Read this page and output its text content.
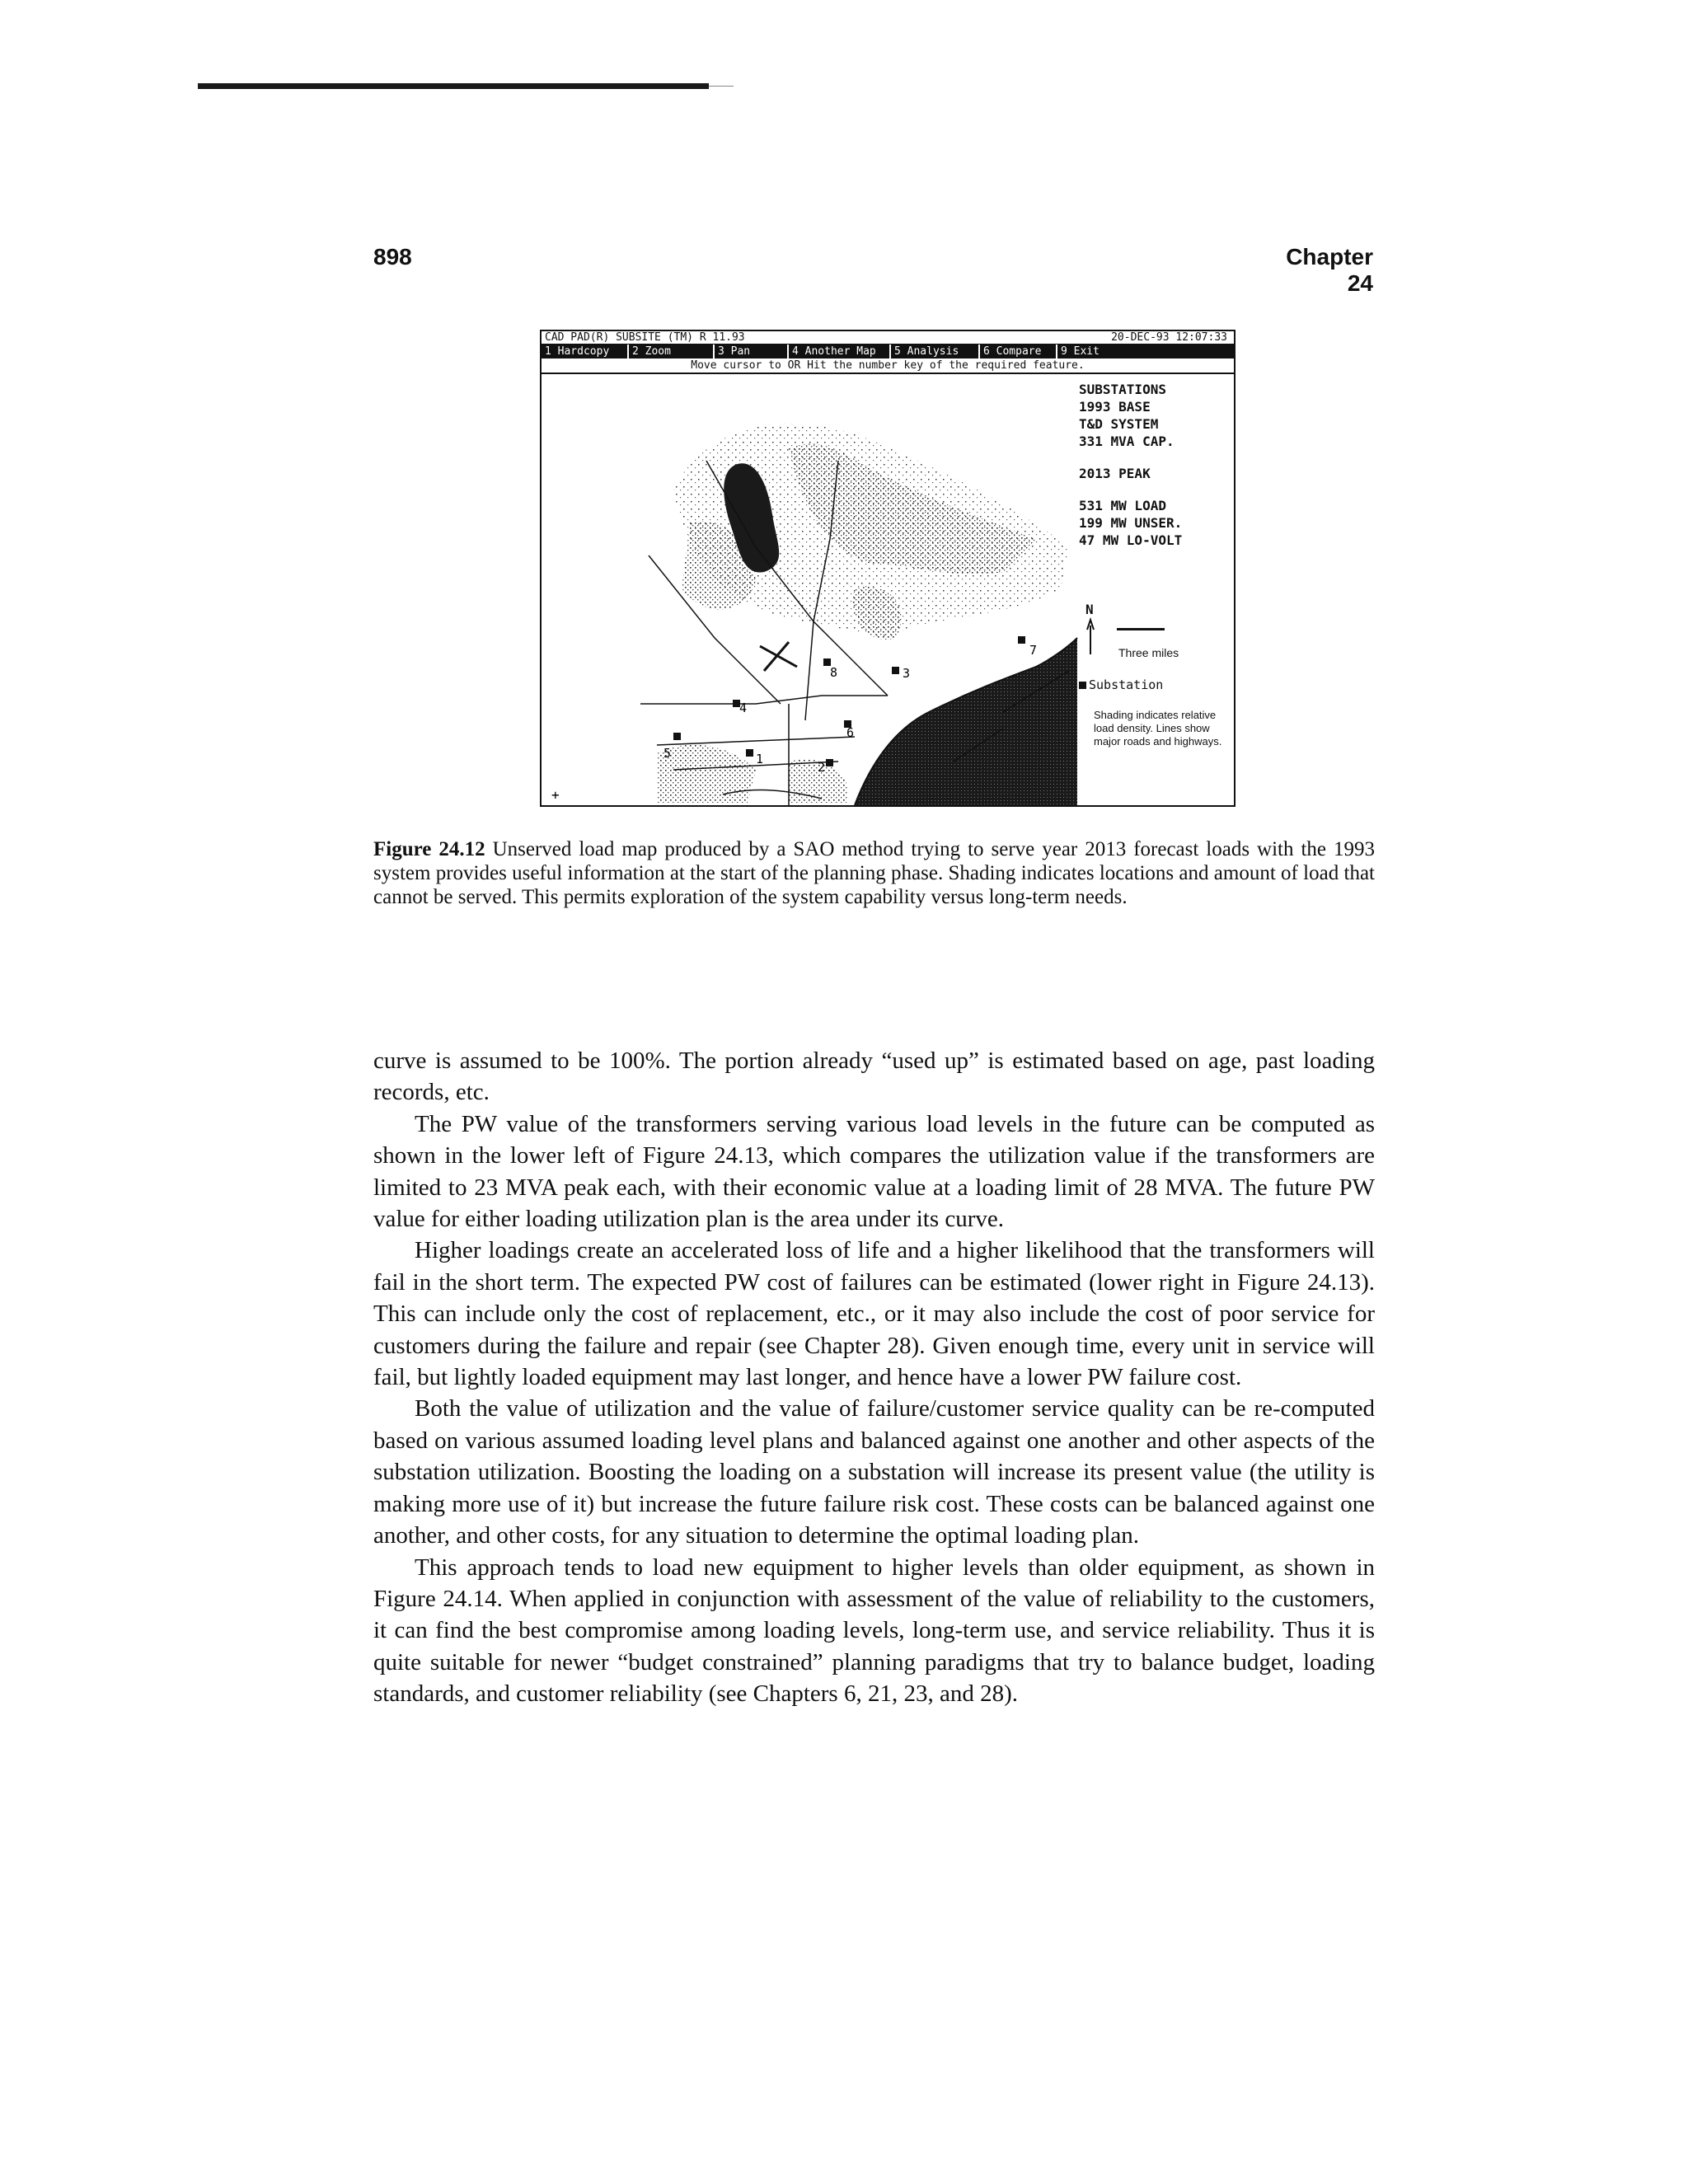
898	Chapter 24
CAD PAD(R) SUBSITE (TM) R 11.93	20-DEC-93 12:07:33
1 Hardcopy 2 Zoom	3 Pan	4 Another Map 5 Analysis 6 Compare 9 Exit
Move cursor to OR Hit the number key of the required feature.
1
2
3
4
5
6
7
8
+
SUBSTATIONS
1993 BASE
T&D SYSTEM
331 MVA CAP.
2013 PEAK
531 MW LOAD
199 MW UNSER.
47 MW LO-VOLT
N
Three miles
Substation
Shading indicates relative load density. Lines show major roads and highways.
Figure 24.12 Unserved load map produced by a SAO method trying to serve year 2013 forecast loads with the 1993 system provides useful information at the start of the planning phase. Shading indicates locations and amount of load that cannot be served. This permits exploration of the system capability versus long-term needs.

curve is assumed to be 100%. The portion already “used up” is estimated based on age, past loading records, etc.

The PW value of the transformers serving various load levels in the future can be computed as shown in the lower left of Figure 24.13, which compares the utilization value if the transformers are limited to 23 MVA peak each, with their economic value at a loading limit of 28 MVA. The future PW value for either loading utilization plan is the area under its curve.

Higher loadings create an accelerated loss of life and a higher likelihood that the transformers will fail in the short term. The expected PW cost of failures can be estimated (lower right in Figure 24.13). This can include only the cost of replacement, etc., or it may also include the cost of poor service for customers during the failure and repair (see Chapter 28). Given enough time, every unit in service will fail, but lightly loaded equipment may last longer, and hence have a lower PW failure cost.

Both the value of utilization and the value of failure/customer service quality can be re-computed based on various assumed loading level plans and balanced against one another and other aspects of the substation utilization. Boosting the loading on a substation will increase its present value (the utility is making more use of it) but increase the future failure risk cost. These costs can be balanced against one another, and other costs, for any situation to determine the optimal loading plan.

This approach tends to load new equipment to higher levels than older equipment, as shown in Figure 24.14. When applied in conjunction with assessment of the value of reliability to the customers, it can find the best compromise among loading levels, long-term use, and service reliability. Thus it is quite suitable for newer “budget constrained” planning paradigms that try to balance budget, loading standards, and customer reliability (see Chapters 6, 21, 23, and 28).
